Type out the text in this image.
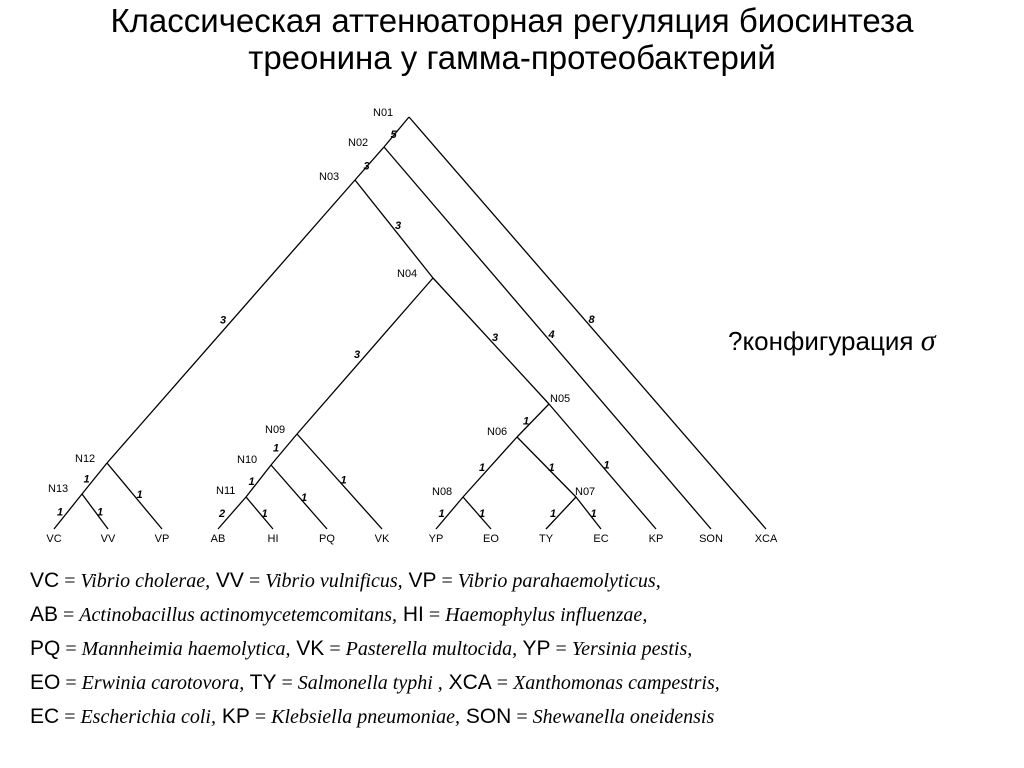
Классическая аттенюаторная регуляция биосинтеза
треонина у гамма-протеобактерий
5
8
3
4
3
3
3
3
1
1
1	1
1	1	1	1
1
1
1
1
2	1
1
1
1	1
N01
N02
N03
N04
N05
N06
N07
N08
N09
N10
N11
N12
N13
VC	VV	VP	AB	HI	PQ	VK	YP	EO	TY	EC	KP	SON	XCA
?конфигурация σ
VC = Vibrio cholerae, VV = Vibrio vulnificus, VP = Vibrio parahaemolyticus,
AB = Actinobacillus actinomycetemcomitans, HI = Haemophylus influenzae,
PQ = Mannheimia haemolytica, VK = Pasterella multocida, YP = Yersinia pestis,
EO = Erwinia carotovora, TY = Salmonella typhi , XCA = Xanthomonas campestris,
EC = Escherichia coli, KP = Klebsiella pneumoniae, SON = Shewanella oneidensis
